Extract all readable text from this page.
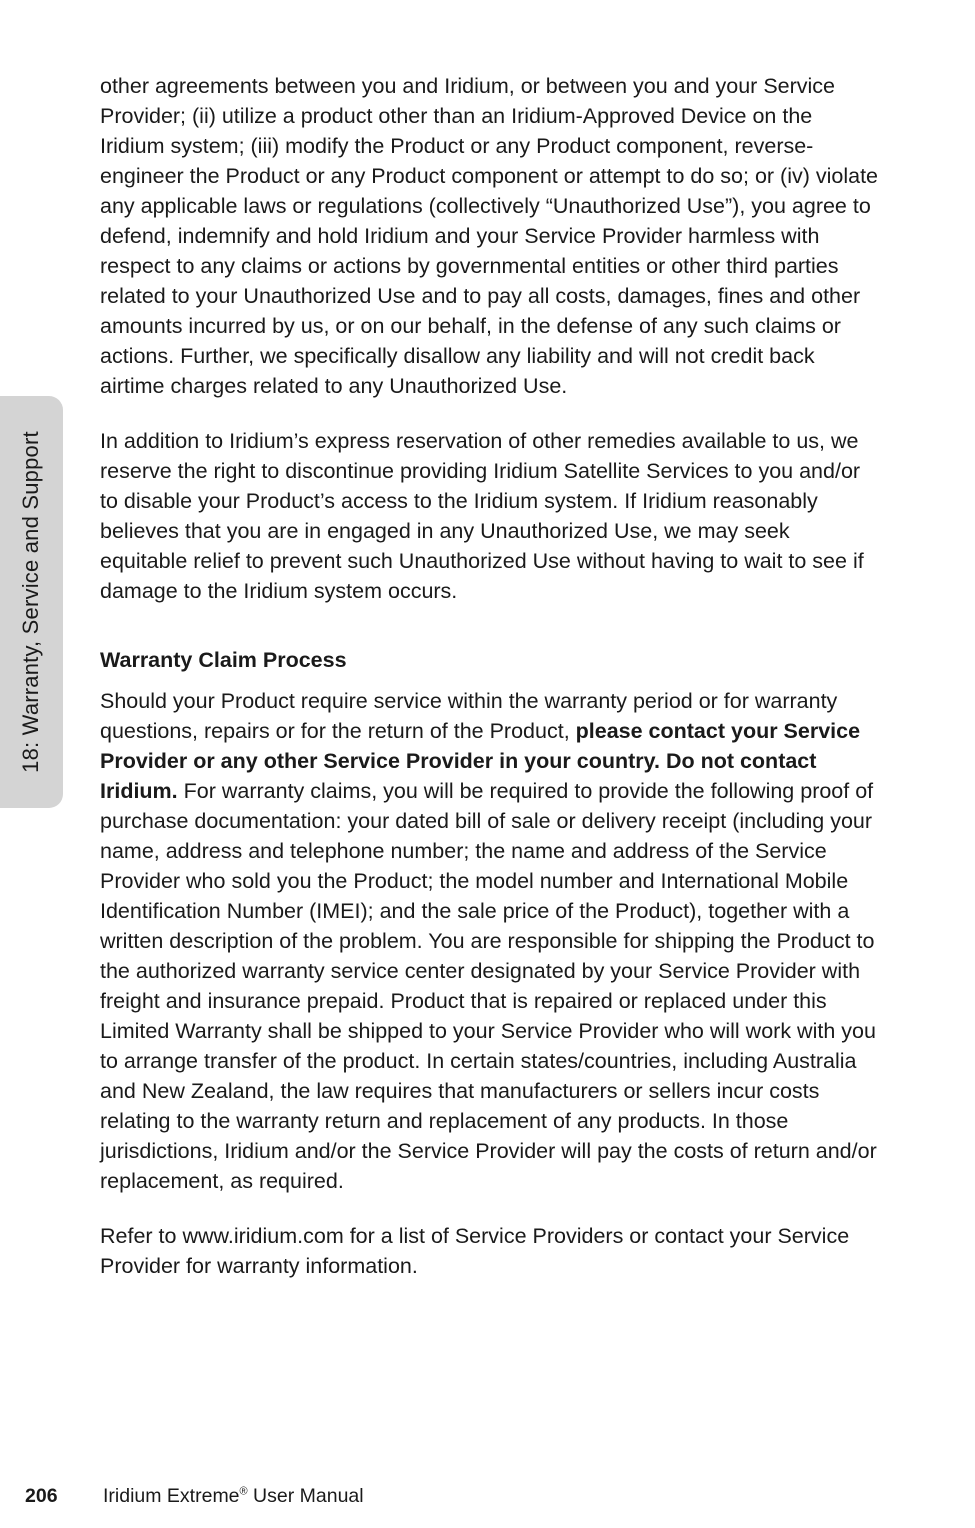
18: Warranty, Service and Support

other agreements between you and Iridium, or between you and your Service Provider; (ii) utilize a product other than an Iridium-Approved Device on the Iridium system; (iii) modify the Product or any Product component, reverse-engineer the Product or any Product component or attempt to do so; or (iv) violate any applicable laws or regulations (collectively “Unauthorized Use”), you agree to defend, indemnify and hold Iridium and your Service Provider harmless with respect to any claims or actions by governmental entities or other third parties related to your Unauthorized Use and to pay all costs, damages, fines and other amounts incurred by us, or on our behalf, in the defense of any such claims or actions. Further, we specifically disallow any liability and will not credit back airtime charges related to any Unauthorized Use.

In addition to Iridium’s express reservation of other remedies available to us, we reserve the right to discontinue providing Iridium Satellite Services to you and/or to disable your Product’s access to the Iridium system. If Iridium reasonably believes that you are in engaged in any Unauthorized Use, we may seek equitable relief to prevent such Unauthorized Use without having to wait to see if damage to the Iridium system occurs.

Warranty Claim Process

Should your Product require service within the warranty period or for warranty questions, repairs or for the return of the Product, please contact your Service Provider or any other Service Provider in your country. Do not contact Iridium. For warranty claims, you will be required to provide the following proof of purchase documentation: your dated bill of sale or delivery receipt (including your name, address and telephone number; the name and address of the Service Provider who sold you the Product; the model number and International Mobile Identification Number (IMEI); and the sale price of the Product), together with a written description of the problem. You are responsible for shipping the Product to the authorized warranty service center designated by your Service Provider with freight and insurance prepaid. Product that is repaired or replaced under this Limited Warranty shall be shipped to your Service Provider who will work with you to arrange transfer of the product. In certain states/countries, including Australia and New Zealand, the law requires that manufacturers or sellers incur costs relating to the warranty return and replacement of any products. In those jurisdictions, Iridium and/or the Service Provider will pay the costs of return and/or replacement, as required.

Refer to www.iridium.com for a list of Service Providers or contact your Service Provider for warranty information.

206 Iridium Extreme® User Manual
